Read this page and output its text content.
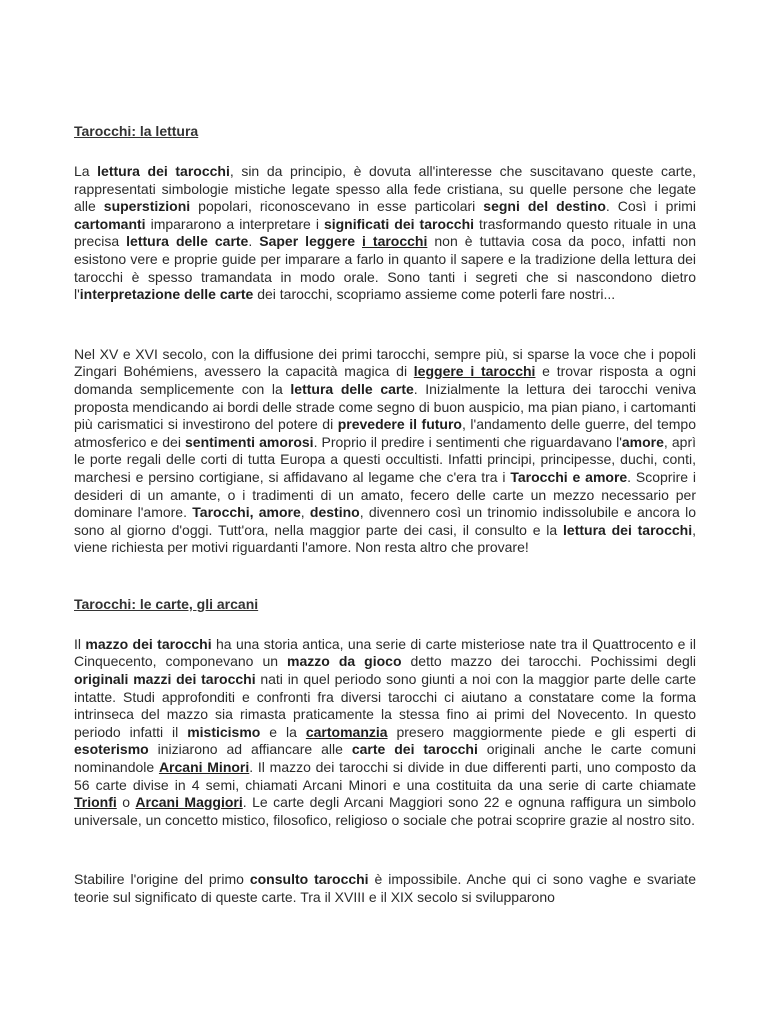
Tarocchi: la lettura

La lettura dei tarocchi, sin da principio, è dovuta all'interesse che suscitavano queste carte, rappresentati simbologie mistiche legate spesso alla fede cristiana, su quelle persone che legate alle superstizioni popolari, riconoscevano in esse particolari segni del destino. Così i primi cartomanti impararono a interpretare i significati dei tarocchi trasformando questo rituale in una precisa lettura delle carte. Saper leggere i tarocchi non è tuttavia cosa da poco, infatti non esistono vere e proprie guide per imparare a farlo in quanto il sapere e la tradizione della lettura dei tarocchi è spesso tramandata in modo orale. Sono tanti i segreti che si nascondono dietro l'interpretazione delle carte dei tarocchi, scopriamo assieme come poterli fare nostri...

Nel XV e XVI secolo, con la diffusione dei primi tarocchi, sempre più, si sparse la voce che i popoli Zingari Bohémiens, avessero la capacità magica di leggere i tarocchi e trovar risposta a ogni domanda semplicemente con la lettura delle carte. Inizialmente la lettura dei tarocchi veniva proposta mendicando ai bordi delle strade come segno di buon auspicio, ma pian piano, i cartomanti più carismatici si investirono del potere di prevedere il futuro, l'andamento delle guerre, del tempo atmosferico e dei sentimenti amorosi. Proprio il predire i sentimenti che riguardavano l'amore, aprì le porte regali delle corti di tutta Europa a questi occultisti. Infatti principi, principesse, duchi, conti, marchesi e persino cortigiane, si affidavano al legame che c'era tra i Tarocchi e amore. Scoprire i desideri di un amante, o i tradimenti di un amato, fecero delle carte un mezzo necessario per dominare l'amore. Tarocchi, amore, destino, divennero così un trinomio indissolubile e ancora lo sono al giorno d'oggi. Tutt'ora, nella maggior parte dei casi, il consulto e la lettura dei tarocchi, viene richiesta per motivi riguardanti l'amore. Non resta altro che provare!

Tarocchi: le carte, gli arcani

Il mazzo dei tarocchi ha una storia antica, una serie di carte misteriose nate tra il Quattrocento e il Cinquecento, componevano un mazzo da gioco detto mazzo dei tarocchi. Pochissimi degli originali mazzi dei tarocchi nati in quel periodo sono giunti a noi con la maggior parte delle carte intatte. Studi approfonditi e confronti fra diversi tarocchi ci aiutano a constatare come la forma intrinseca del mazzo sia rimasta praticamente la stessa fino ai primi del Novecento. In questo periodo infatti il misticismo e la cartomanzia presero maggiormente piede e gli esperti di esoterismo iniziarono ad affiancare alle carte dei tarocchi originali anche le carte comuni nominandole Arcani Minori. Il mazzo dei tarocchi si divide in due differenti parti, uno composto da 56 carte divise in 4 semi, chiamati Arcani Minori e una costituita da una serie di carte chiamate Trionfi o Arcani Maggiori. Le carte degli Arcani Maggiori sono 22 e ognuna raffigura un simbolo universale, un concetto mistico, filosofico, religioso o sociale che potrai scoprire grazie al nostro sito.

Stabilire l'origine del primo consulto tarocchi è impossibile. Anche qui ci sono vaghe e svariate teorie sul significato di queste carte. Tra il XVIII e il XIX secolo si svilupparono
